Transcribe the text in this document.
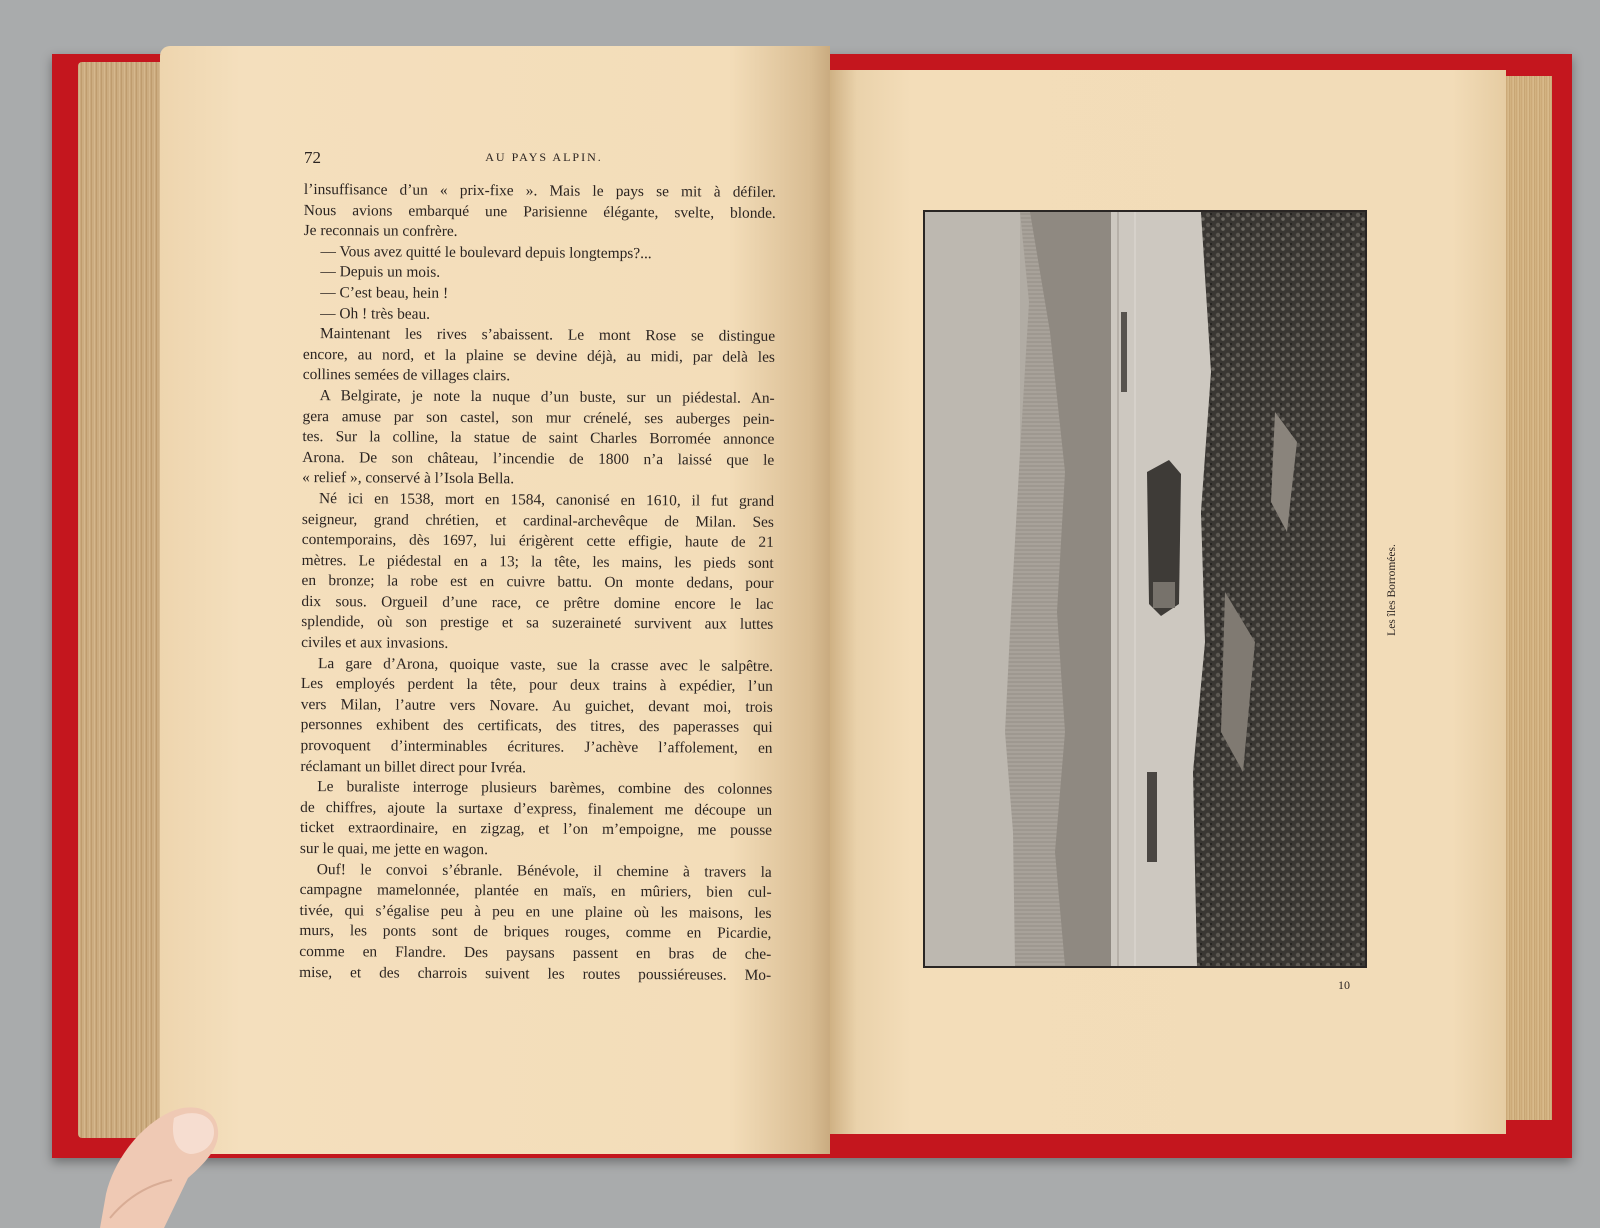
72	AU PAYS ALPIN.
l’insuffisance d’un « prix-fixe ». Mais le pays se mit à défiler.
Nous avions embarqué une Parisienne élégante, svelte, blonde.
Je reconnais un confrère.
— Vous avez quitté le boulevard depuis longtemps?...
— Depuis un mois.
— C’est beau, hein !
— Oh ! très beau.
Maintenant les rives s’abaissent. Le mont Rose se distingue
encore, au nord, et la plaine se devine déjà, au midi, par delà les
collines semées de villages clairs.
A Belgirate, je note la nuque d’un buste, sur un piédestal. An-
gera amuse par son castel, son mur crénelé, ses auberges pein-
tes. Sur la colline, la statue de saint Charles Borromée annonce
Arona. De son château, l’incendie de 1800 n’a laissé que le
« relief », conservé à l’Isola Bella.
Né ici en 1538, mort en 1584, canonisé en 1610, il fut grand
seigneur, grand chrétien, et cardinal-archevêque de Milan. Ses
contemporains, dès 1697, lui érigèrent cette effigie, haute de 21
mètres. Le piédestal en a 13; la tête, les mains, les pieds sont
en bronze; la robe est en cuivre battu. On monte dedans, pour
dix sous. Orgueil d’une race, ce prêtre domine encore le lac
splendide, où son prestige et sa suzeraineté survivent aux luttes
civiles et aux invasions.
La gare d’Arona, quoique vaste, sue la crasse avec le salpêtre.
Les employés perdent la tête, pour deux trains à expédier, l’un
vers Milan, l’autre vers Novare. Au guichet, devant moi, trois
personnes exhibent des certificats, des titres, des paperasses qui
provoquent d’interminables écritures. J’achève l’affolement, en
réclamant un billet direct pour Ivréa.
Le buraliste interroge plusieurs barèmes, combine des colonnes
de chiffres, ajoute la surtaxe d’express, finalement me découpe un
ticket extraordinaire, en zigzag, et l’on m’empoigne, me pousse
sur le quai, me jette en wagon.
Ouf! le convoi s’ébranle. Bénévole, il chemine à travers la
campagne mamelonnée, plantée en maïs, en mûriers, bien cul-
tivée, qui s’égalise peu à peu en une plaine où les maisons, les
murs, les ponts sont de briques rouges, comme en Picardie,
comme en Flandre. Des paysans passent en bras de che-
mise, et des charrois suivent les routes poussiéreuses. Mo-
Les îles Borromées.
10
